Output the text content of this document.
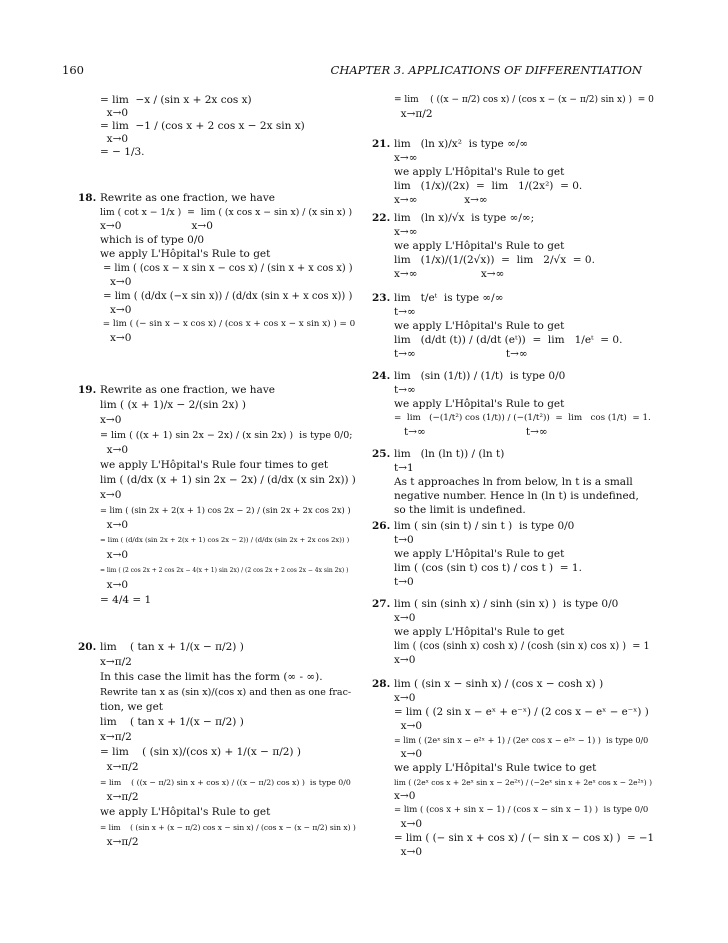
160	CHAPTER 3. APPLICATIONS OF DIFFERENTIATION
= lim  −x / (sin x + 2x cos x)
x→0
= lim  −1 / (cos x + 2 cos x − 2x sin x)
x→0
= − 1/3.
18. Rewrite as one fraction, we have
lim ( cot x − 1/x )  =  lim ( (x cos x − sin x) / (x sin x) )
x→0                     x→0
which is of type 0/0
we apply L'Hôpital's Rule to get
= lim ( (cos x − x sin x − cos x) / (sin x + x cos x) )
x→0
= lim ( (d/dx (−x sin x)) / (d/dx (sin x + x cos x)) )
x→0
= lim ( (− sin x − x cos x) / (cos x + cos x − x sin x) ) = 0
x→0
19. Rewrite as one fraction, we have
lim ( (x + 1)/x − 2/(sin 2x) )
x→0
= lim ( ((x + 1) sin 2x − 2x) / (x sin 2x) )  is type 0/0;
x→0
we apply L'Hôpital's Rule four times to get
lim ( (d/dx (x + 1) sin 2x − 2x) / (d/dx (x sin 2x)) )
x→0
= lim ( (sin 2x + 2(x + 1) cos 2x − 2) / (sin 2x + 2x cos 2x) )
x→0
= lim ( (d/dx (sin 2x + 2(x + 1) cos 2x − 2)) / (d/dx (sin 2x + 2x cos 2x)) )
x→0
= lim ( (2 cos 2x + 2 cos 2x − 4(x + 1) sin 2x) / (2 cos 2x + 2 cos 2x − 4x sin 2x) )
x→0
= 4/4 = 1
20. lim    ( tan x + 1/(x − π/2) )
x→π/2
In this case the limit has the form (∞ - ∞).
Rewrite tan x as (sin x)/(cos x) and then as one frac-
tion, we get
lim    ( tan x + 1/(x − π/2) )
x→π/2
= lim    ( (sin x)/(cos x) + 1/(x − π/2) )
x→π/2
= lim    ( ((x − π/2) sin x + cos x) / ((x − π/2) cos x) )  is type 0/0
x→π/2
we apply L'Hôpital's Rule to get
= lim    ( (sin x + (x − π/2) cos x − sin x) / (cos x − (x − π/2) sin x) )
x→π/2
= lim    ( ((x − π/2) cos x) / (cos x − (x − π/2) sin x) )  = 0
x→π/2
21. lim   (ln x)/x²  is type ∞/∞
x→∞
we apply L'Hôpital's Rule to get
lim   (1/x)/(2x)  =  lim   1/(2x²)  = 0.
x→∞              x→∞
22. lim   (ln x)/√x  is type ∞/∞;
x→∞
we apply L'Hôpital's Rule to get
lim   (1/x)/(1/(2√x))  =  lim   2/√x  = 0.
x→∞                   x→∞
23. lim   t/eᵗ  is type ∞/∞
t→∞
we apply L'Hôpital's Rule to get
lim   (d/dt (t)) / (d/dt (eᵗ))  =  lim   1/eᵗ  = 0.
t→∞                           t→∞
24. lim   (sin (1/t)) / (1/t)  is type 0/0
t→∞
we apply L'Hôpital's Rule to get
=  lim   (−(1/t²) cos (1/t)) / (−(1/t²))  =  lim   cos (1/t)  = 1.
t→∞                              t→∞
25. lim   (ln (ln t)) / (ln t)
t→1
As t approaches ln from below, ln t is a small
negative number. Hence ln (ln t) is undefined,
so the limit is undefined.
26. lim ( sin (sin t) / sin t )  is type 0/0
t→0
we apply L'Hôpital's Rule to get
lim ( (cos (sin t) cos t) / cos t )  = 1.
t→0
27. lim ( sin (sinh x) / sinh (sin x) )  is type 0/0
x→0
we apply L'Hôpital's Rule to get
lim ( (cos (sinh x) cosh x) / (cosh (sin x) cos x) )  = 1
x→0
28. lim ( (sin x − sinh x) / (cos x − cosh x) )
x→0
= lim ( (2 sin x − eˣ + e⁻ˣ) / (2 cos x − eˣ − e⁻ˣ) )
x→0
= lim ( (2eˣ sin x − e²ˣ + 1) / (2eˣ cos x − e²ˣ − 1) )  is type 0/0
x→0
we apply L'Hôpital's Rule twice to get
lim ( (2eˣ cos x + 2eˣ sin x − 2e²ˣ) / (−2eˣ sin x + 2eˣ cos x − 2e²ˣ) )
x→0
= lim ( (cos x + sin x − 1) / (cos x − sin x − 1) )  is type 0/0
x→0
= lim ( (− sin x + cos x) / (− sin x − cos x) )  = −1
x→0
